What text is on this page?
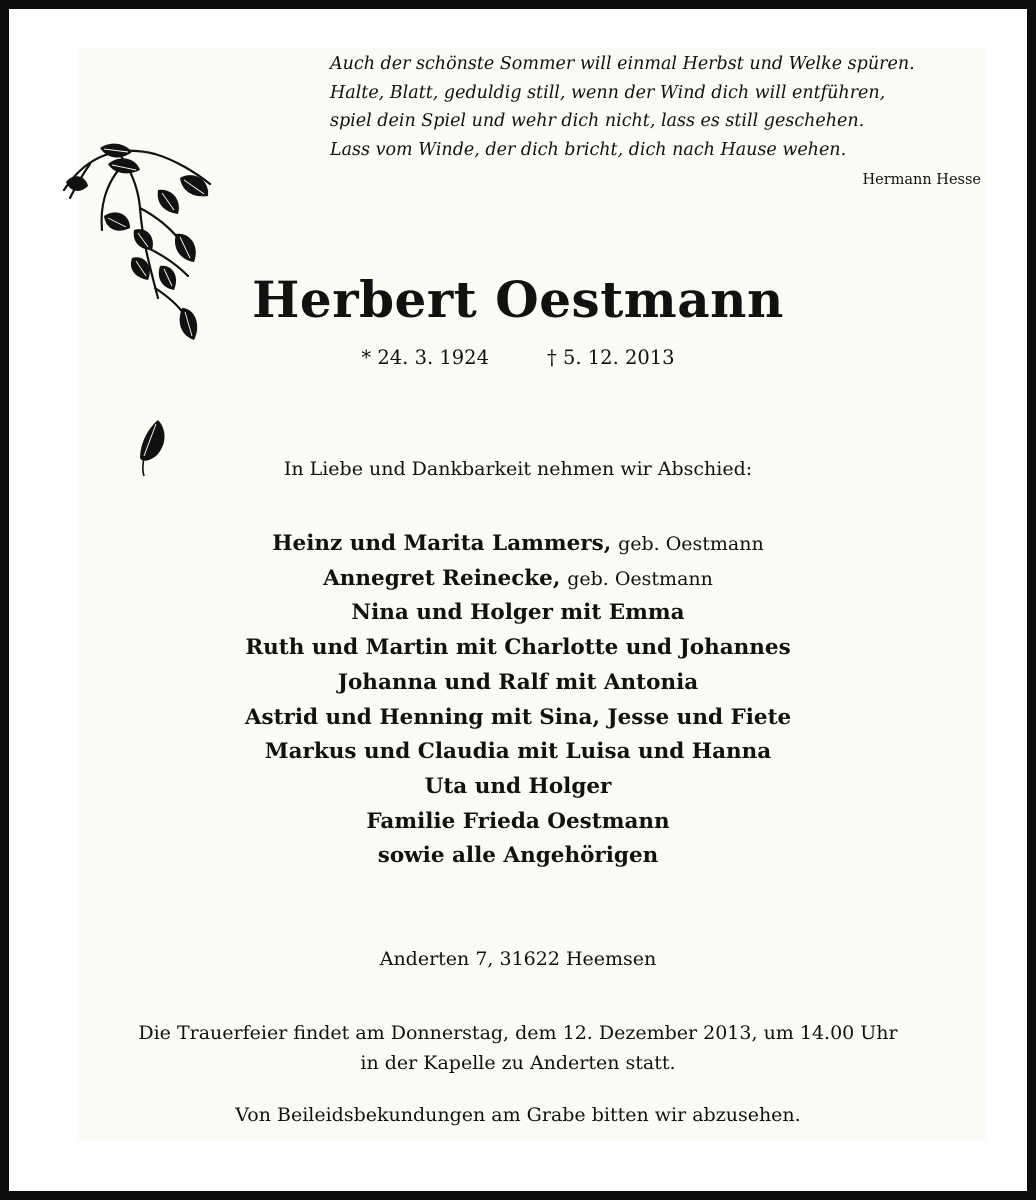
Auch der schönste Sommer will einmal Herbst und Welke spüren.
Halte, Blatt, geduldig still, wenn der Wind dich will entführen,
spiel dein Spiel und wehr dich nicht, lass es still geschehen.
Lass vom Winde, der dich bricht, dich nach Hause wehen.
Hermann Hesse
Herbert Oestmann
* 24. 3. 1924	† 5. 12. 2013
In Liebe und Dankbarkeit nehmen wir Abschied:
Heinz und Marita Lammers, geb. Oestmann
Annegret Reinecke, geb. Oestmann
Nina und Holger mit Emma
Ruth und Martin mit Charlotte und Johannes
Johanna und Ralf mit Antonia
Astrid und Henning mit Sina, Jesse und Fiete
Markus und Claudia mit Luisa und Hanna
Uta und Holger
Familie Frieda Oestmann
sowie alle Angehörigen
Anderten 7, 31622 Heemsen
Die Trauerfeier findet am Donnerstag, dem 12. Dezember 2013, um 14.00 Uhr
in der Kapelle zu Anderten statt.
Von Beileidsbekundungen am Grabe bitten wir abzusehen.
